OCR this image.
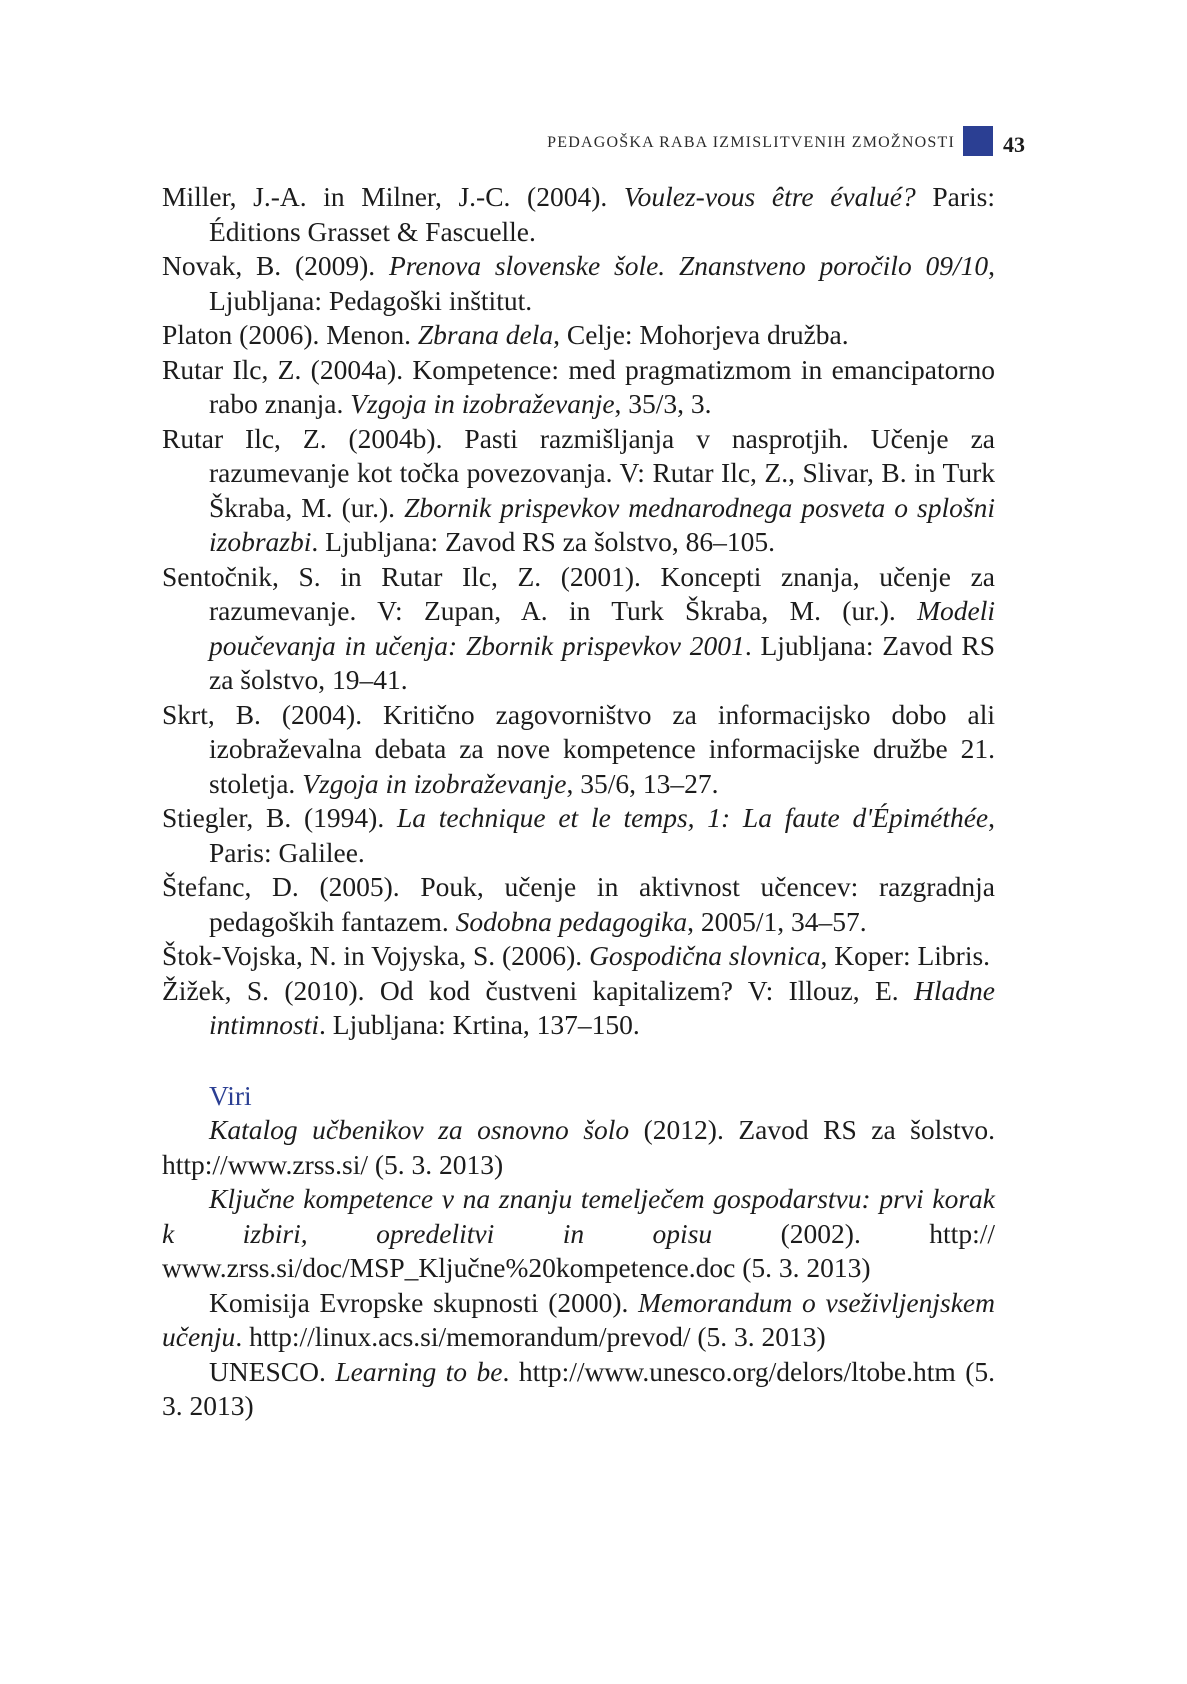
PEDAGOŠKA RABA IZMISLITVENIH ZMOŽNOSTI 43

Miller, J.-A. in Milner, J.-C. (2004). Voulez-vous être évalué? Paris: Éditions Grasset & Fascuelle.

Novak, B. (2009). Prenova slovenske šole. Znanstveno poročilo 09/10, Ljubljana: Pedagoški inštitut.

Platon (2006). Menon. Zbrana dela, Celje: Mohorjeva družba.

Rutar Ilc, Z. (2004a). Kompetence: med pragmatizmom in emancipatorno rabo znanja. Vzgoja in izobraževanje, 35/3, 3.

Rutar Ilc, Z. (2004b). Pasti razmišljanja v nasprotjih. Učenje za razumevanje kot točka povezovanja. V: Rutar Ilc, Z., Slivar, B. in Turk Škraba, M. (ur.). Zbornik prispevkov mednarodnega posveta o splošni izobrazbi. Ljubljana: Zavod RS za šolstvo, 86–105.

Sentočnik, S. in Rutar Ilc, Z. (2001). Koncepti znanja, učenje za razumevanje. V: Zupan, A. in Turk Škraba, M. (ur.). Modeli poučevanja in učenja: Zbornik prispevkov 2001. Ljubljana: Zavod RS za šolstvo, 19–41.

Skrt, B. (2004). Kritično zagovorništvo za informacijsko dobo ali izobraževalna debata za nove kompetence informacijske družbe 21. stoletja. Vzgoja in izobraževanje, 35/6, 13–27.

Stiegler, B. (1994). La technique et le temps, 1: La faute d'Épiméthée, Paris: Galilee.

Štefanc, D. (2005). Pouk, učenje in aktivnost učencev: razgradnja pedagoških fantazem. Sodobna pedagogika, 2005/1, 34–57.

Štok-Vojska, N. in Vojyska, S. (2006). Gospodična slovnica, Koper: Libris.

Žižek, S. (2010). Od kod čustveni kapitalizem? V: Illouz, E. Hladne intimnosti. Ljubljana: Krtina, 137–150.

Viri

Katalog učbenikov za osnovno šolo (2012). Zavod RS za šolstvo. http://www.zrss.si/ (5. 3. 2013)

Ključne kompetence v na znanju temelječem gospodarstvu: prvi korak k izbiri, opredelitvi in opisu (2002). http:// www.zrss.si/doc/MSP_Ključne%20kompetence.doc (5. 3. 2013)

Komisija Evropske skupnosti (2000). Memorandum o vseživljenjskem učenju. http://linux.acs.si/memorandum/prevod/ (5. 3. 2013)

UNESCO. Learning to be. http://www.unesco.org/delors/ltobe.htm (5. 3. 2013)
